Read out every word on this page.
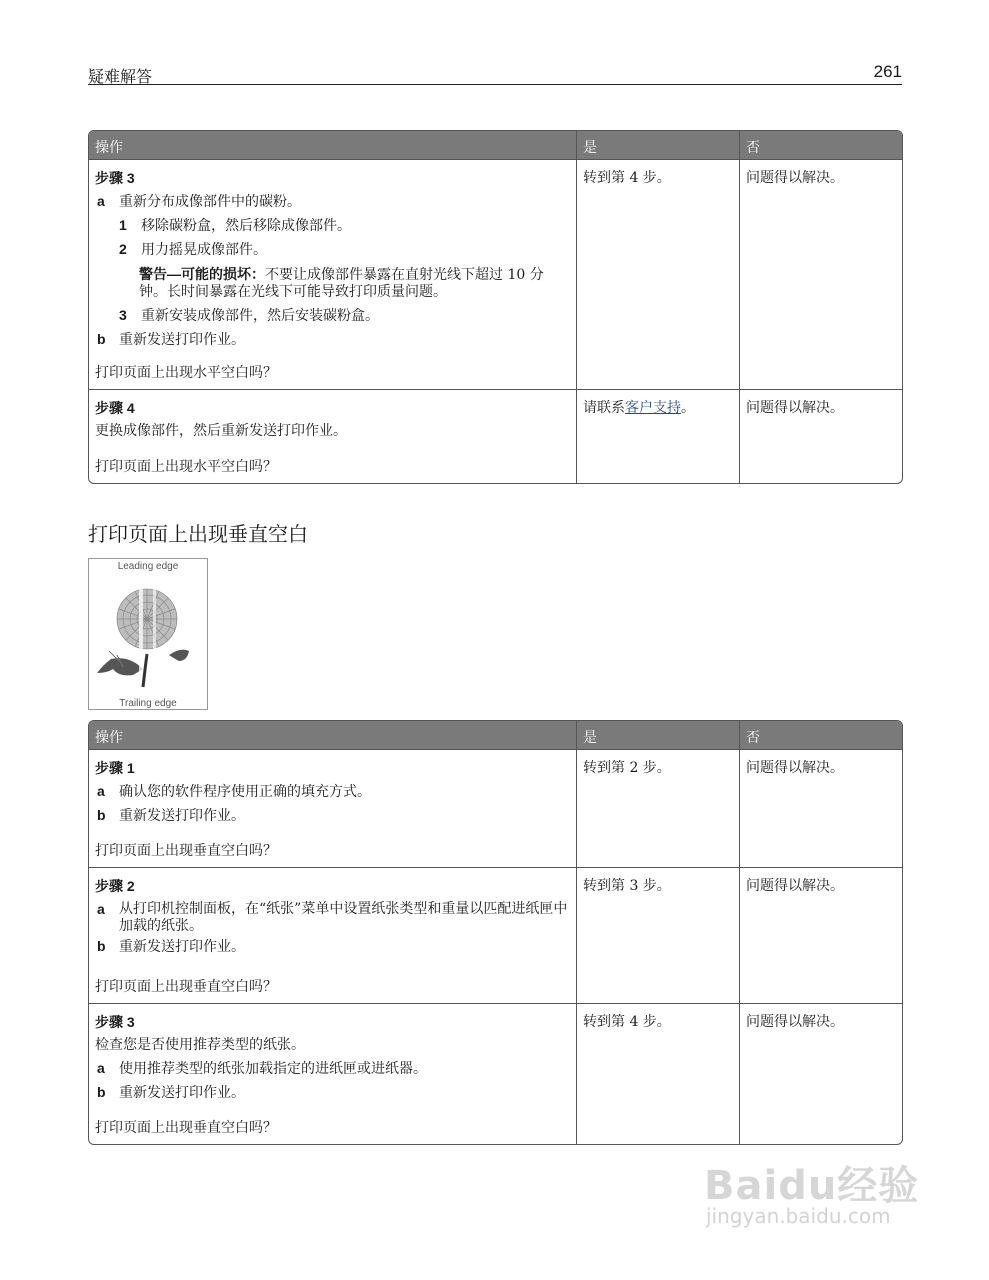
疑难解答	261
操作	是	否
步骤 3
a 重新分布成像部件中的碳粉。
1 移除碳粉盒，然后移除成像部件。
2 用力摇晃成像部件。
警告—可能的损坏：不要让成像部件暴露在直射光线下超过 10 分钟。长时间暴露在光线下可能导致打印质量问题。
3 重新安装成像部件，然后安装碳粉盒。
b 重新发送打印作业。
打印页面上出现水平空白吗？
转到第 4 步。	问题得以解决。
步骤 4
更换成像部件，然后重新发送打印作业。
打印页面上出现水平空白吗？
请联系客户支持。	问题得以解决。
打印页面上出现垂直空白
Leading edge
Trailing edge
操作	是	否
步骤 1
a 确认您的软件程序使用正确的填充方式。
b 重新发送打印作业。
打印页面上出现垂直空白吗？
转到第 2 步。	问题得以解决。
步骤 2
a	从打印机控制面板，在“纸张”菜单中设置纸张类型和重量以匹配进纸匣中加载的纸张。
b 重新发送打印作业。
打印页面上出现垂直空白吗？
转到第 3 步。	问题得以解决。
步骤 3
检查您是否使用推荐类型的纸张。
a 使用推荐类型的纸张加载指定的进纸匣或进纸器。
b 重新发送打印作业。
打印页面上出现垂直空白吗？
转到第 4 步。	问题得以解决。
Baidu经验
jingyan.baidu.com
